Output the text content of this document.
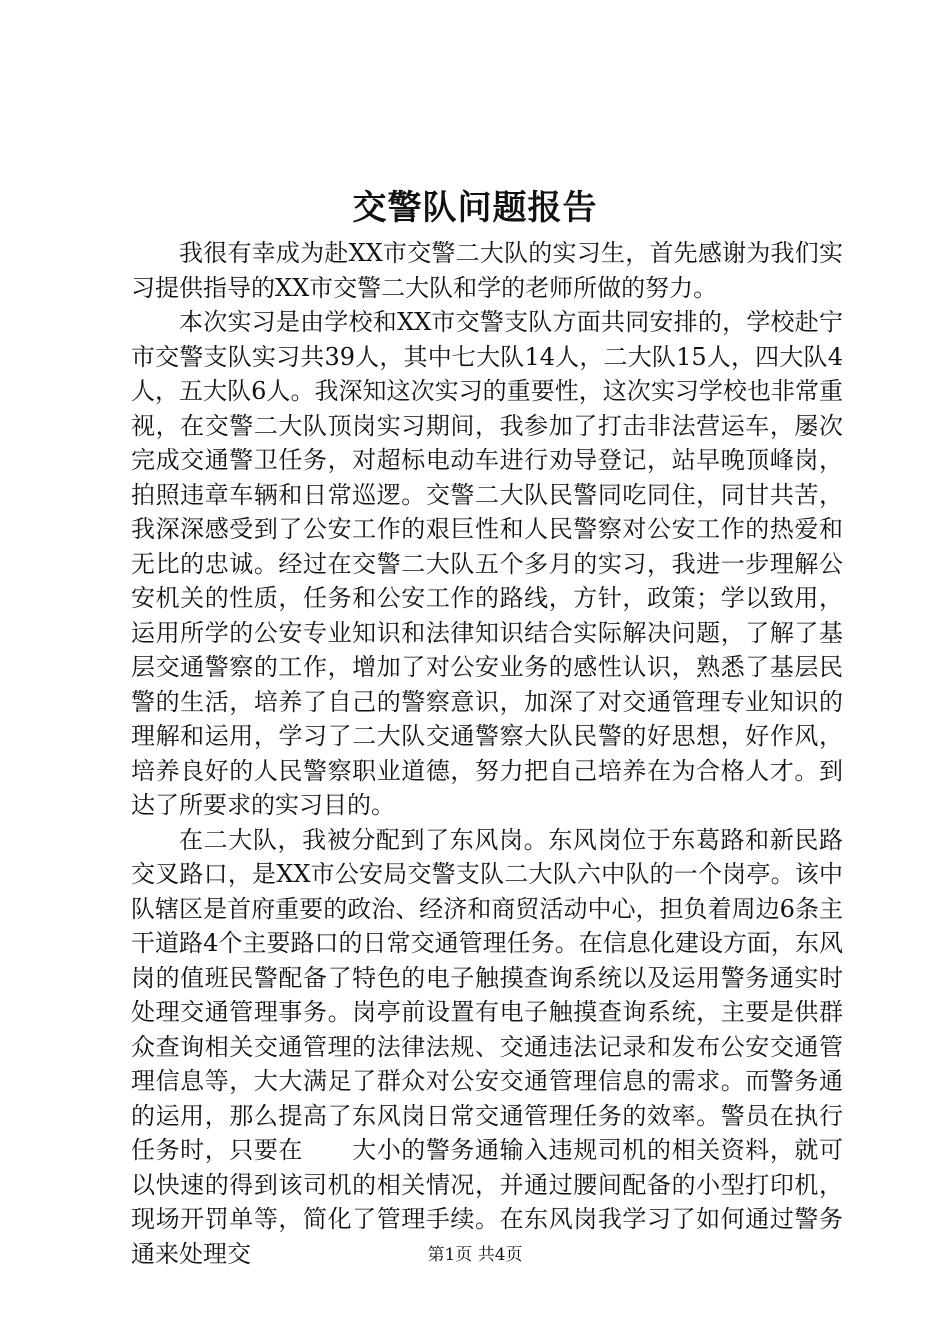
交警队问题报告

我很有幸成为赴XX市交警二大队的实习生，首先感谢为我们实习提供指导的XX市交警二大队和学的老师所做的努力。

本次实习是由学校和XX市交警支队方面共同安排的，学校赴宁市交警支队实习共39人，其中七大队14人，二大队15人，四大队4人，五大队6人。我深知这次实习的重要性，这次实习学校也非常重视，在交警二大队顶岗实习期间，我参加了打击非法营运车，屡次完成交通警卫任务，对超标电动车进行劝导登记，站早晚顶峰岗，拍照违章车辆和日常巡逻。交警二大队民警同吃同住，同甘共苦，我深深感受到了公安工作的艰巨性和人民警察对公安工作的热爱和无比的忠诚。经过在交警二大队五个多月的实习，我进一步理解公安机关的性质，任务和公安工作的路线，方针，政策；学以致用，运用所学的公安专业知识和法律知识结合实际解决问题，了解了基层交通警察的工作，增加了对公安业务的感性认识，熟悉了基层民警的生活，培养了自己的警察意识，加深了对交通管理专业知识的理解和运用，学习了二大队交通警察大队民警的好思想，好作风，培养良好的人民警察职业道德，努力把自己培养在为合格人才。到达了所要求的实习目的。

在二大队，我被分配到了东风岗。东风岗位于东葛路和新民路交叉路口，是XX市公安局交警支队二大队六中队的一个岗亭。该中队辖区是首府重要的政治、经济和商贸活动中心，担负着周边6条主干道路4个主要路口的日常交通管理任务。在信息化建设方面，东风岗的值班民警配备了特色的电子触摸查询系统以及运用警务通实时处理交通管理事务。岗亭前设置有电子触摸查询系统，主要是供群众查询相关交通管理的法律法规、交通违法记录和发布公安交通管理信息等，大大满足了群众对公安交通管理信息的需求。而警务通的运用，那么提高了东风岗日常交通管理任务的效率。警员在执行任务时，只要在　　大小的警务通输入违规司机的相关资料，就可以快速的得到该司机的相关情况，并通过腰间配备的小型打印机，现场开罚单等，简化了管理手续。在东风岗我学习了如何通过警务通来处理交	第1页 共4页
